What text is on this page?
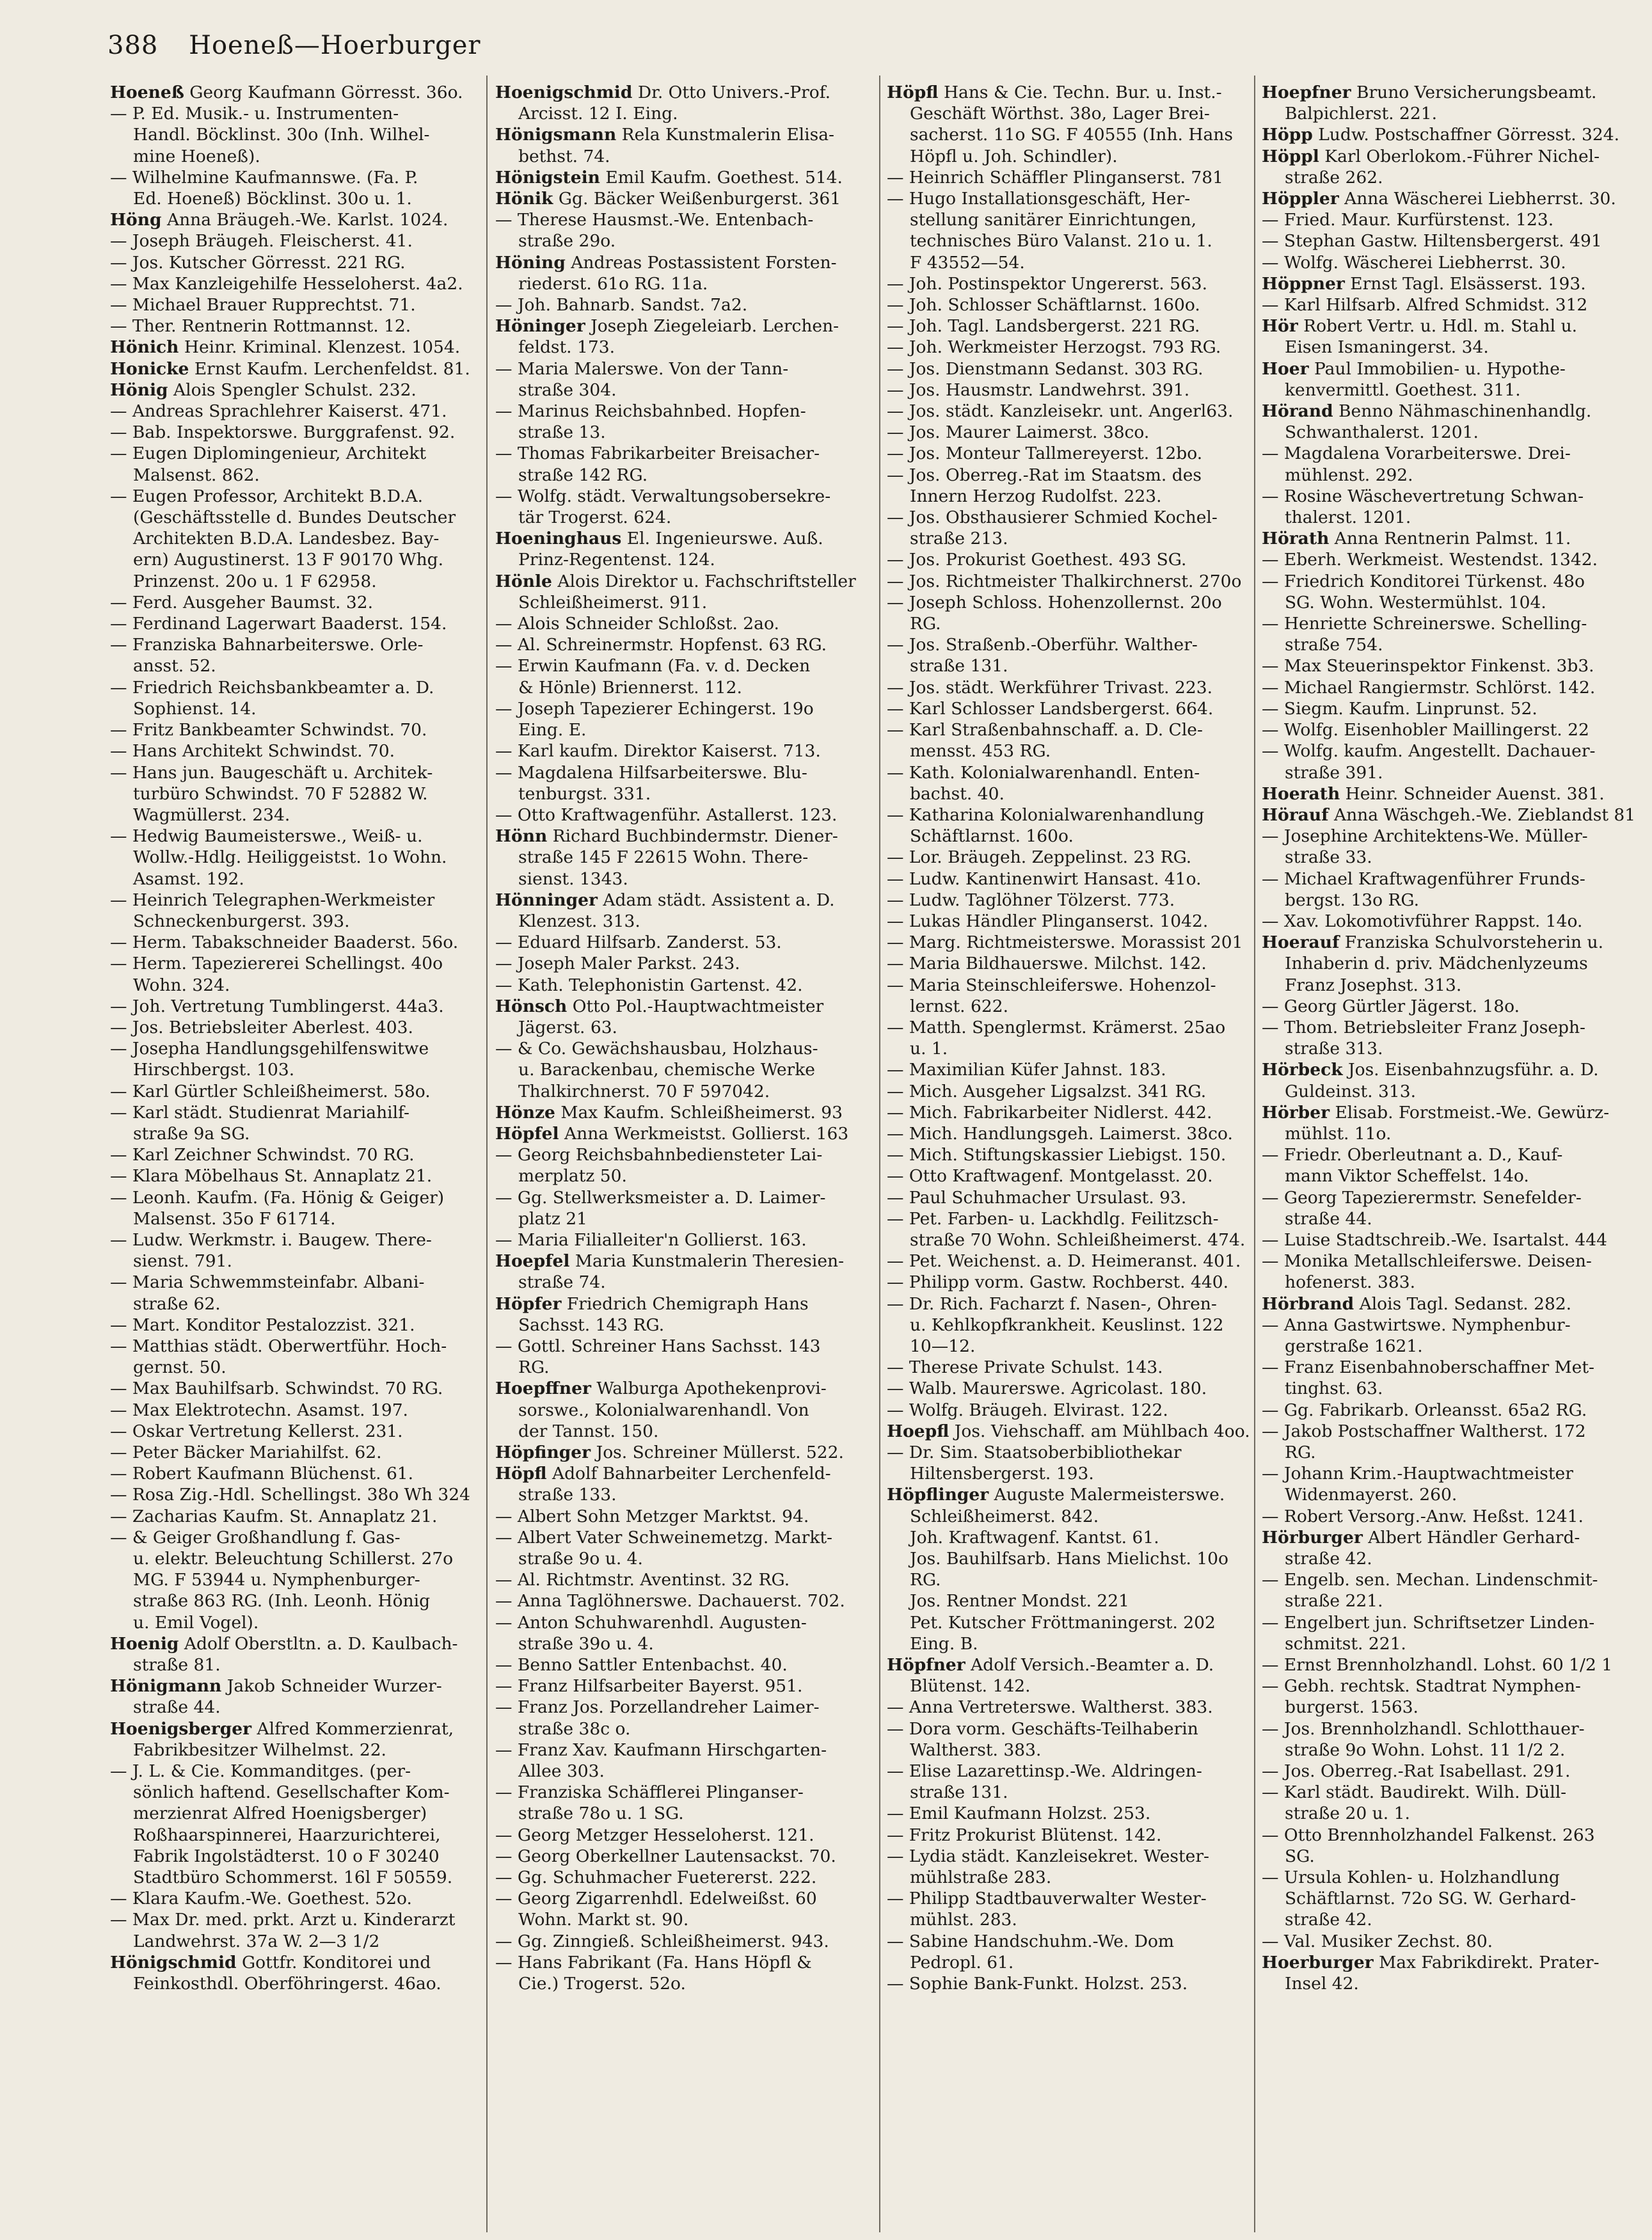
388 Hoeneß—Hoerburger
Hoeneß Georg Kaufmann Görresst. 36o.
— P. Ed. Musik.- u. Instrumenten-
Handl. Böcklinst. 30o (Inh. Wilhel-
mine Hoeneß).
— Wilhelmine Kaufmannswe. (Fa. P.
Ed. Hoeneß) Böcklinst. 30o u. 1.
Höng Anna Bräugeh.-We. Karlst. 1024.
— Joseph Bräugeh. Fleischerst. 41.
— Jos. Kutscher Görresst. 221 RG.
— Max Kanzleigehilfe Hesseloherst. 4a2.
— Michael Brauer Rupprechtst. 71.
— Ther. Rentnerin Rottmannst. 12.
Hönich Heinr. Kriminal. Klenzest. 1054.
Honicke Ernst Kaufm. Lerchenfeldst. 81.
Hönig Alois Spengler Schulst. 232.
— Andreas Sprachlehrer Kaiserst. 471.
— Bab. Inspektorswe. Burggrafenst. 92.
— Eugen Diplomingenieur, Architekt
Malsenst. 862.
— Eugen Professor, Architekt B.D.A.
(Geschäftsstelle d. Bundes Deutscher
Architekten B.D.A. Landesbez. Bay-
ern) Augustinerst. 13 F 90170 Whg.
Prinzenst. 20o u. 1 F 62958.
— Ferd. Ausgeher Baumst. 32.
— Ferdinand Lagerwart Baaderst. 154.
— Franziska Bahnarbeiterswe. Orle-
ansst. 52.
— Friedrich Reichsbankbeamter a. D.
Sophienst. 14.
— Fritz Bankbeamter Schwindst. 70.
— Hans Architekt Schwindst. 70.
— Hans jun. Baugeschäft u. Architek-
turbüro Schwindst. 70 F 52882 W.
Wagmüllerst. 234.
— Hedwig Baumeisterswe., Weiß- u.
Wollw.-Hdlg. Heiliggeistst. 1o Wohn.
Asamst. 192.
— Heinrich Telegraphen-Werkmeister
Schneckenburgerst. 393.
— Herm. Tabakschneider Baaderst. 56o.
— Herm. Tapeziererei Schellingst. 40o
Wohn. 324.
— Joh. Vertretung Tumblingerst. 44a3.
— Jos. Betriebsleiter Aberlest. 403.
— Josepha Handlungsgehilfenswitwe
Hirschbergst. 103.
— Karl Gürtler Schleißheimerst. 58o.
— Karl städt. Studienrat Mariahilf-
straße 9a SG.
— Karl Zeichner Schwindst. 70 RG.
— Klara Möbelhaus St. Annaplatz 21.
— Leonh. Kaufm. (Fa. Hönig & Geiger)
Malsenst. 35o F 61714.
— Ludw. Werkmstr. i. Baugew. There-
sienst. 791.
— Maria Schwemmsteinfabr. Albani-
straße 62.
— Mart. Konditor Pestalozzist. 321.
— Matthias städt. Oberwertführ. Hoch-
gernst. 50.
— Max Bauhilfsarb. Schwindst. 70 RG.
— Max Elektrotechn. Asamst. 197.
— Oskar Vertretung Kellerst. 231.
— Peter Bäcker Mariahilfst. 62.
— Robert Kaufmann Blüchenst. 61.
— Rosa Zig.-Hdl. Schellingst. 38o Wh 324
— Zacharias Kaufm. St. Annaplatz 21.
— & Geiger Großhandlung f. Gas-
u. elektr. Beleuchtung Schillerst. 27o
MG. F 53944 u. Nymphenburger-
straße 863 RG. (Inh. Leonh. Hönig
u. Emil Vogel).
Hoenig Adolf Oberstltn. a. D. Kaulbach-
straße 81.
Hönigmann Jakob Schneider Wurzer-
straße 44.
Hoenigsberger Alfred Kommerzienrat,
Fabrikbesitzer Wilhelmst. 22.
— J. L. & Cie. Kommanditges. (per-
sönlich haftend. Gesellschafter Kom-
merzienrat Alfred Hoenigsberger)
Roßhaarspinnerei, Haarzurichterei,
Fabrik Ingolstädterst. 10 o F 30240
Stadtbüro Schommerst. 16l F 50559.
— Klara Kaufm.-We. Goethest. 52o.
— Max Dr. med. prkt. Arzt u. Kinderarzt
Landwehrst. 37a W. 2—3 1/2
Hönigschmid Gottfr. Konditorei und
Feinkosthdl. Oberföhringerst. 46ao.
Hoenigschmid Dr. Otto Univers.-Prof.
Arcisst. 12 I. Eing.
Hönigsmann Rela Kunstmalerin Elisa-
bethst. 74.
Hönigstein Emil Kaufm. Goethest. 514.
Hönik Gg. Bäcker Weißenburgerst. 361
— Therese Hausmst.-We. Entenbach-
straße 29o.
Höning Andreas Postassistent Forsten-
riederst. 61o RG. 11a.
— Joh. Bahnarb. Sandst. 7a2.
Höninger Joseph Ziegeleiarb. Lerchen-
feldst. 173.
— Maria Malerswe. Von der Tann-
straße 304.
— Marinus Reichsbahnbed. Hopfen-
straße 13.
— Thomas Fabrikarbeiter Breisacher-
straße 142 RG.
— Wolfg. städt. Verwaltungsobersekre-
tär Trogerst. 624.
Hoeninghaus El. Ingenieurswe. Auß.
Prinz-Regentenst. 124.
Hönle Alois Direktor u. Fachschriftsteller
Schleißheimerst. 911.
— Alois Schneider Schloßst. 2ao.
— Al. Schreinermstr. Hopfenst. 63 RG.
— Erwin Kaufmann (Fa. v. d. Decken
& Hönle) Briennerst. 112.
— Joseph Tapezierer Echingerst. 19o
Eing. E.
— Karl kaufm. Direktor Kaiserst. 713.
— Magdalena Hilfsarbeiterswe. Blu-
tenburgst. 331.
— Otto Kraftwagenführ. Astallerst. 123.
Hönn Richard Buchbindermstr. Diener-
straße 145 F 22615 Wohn. There-
sienst. 1343.
Hönninger Adam städt. Assistent a. D.
Klenzest. 313.
— Eduard Hilfsarb. Zanderst. 53.
— Joseph Maler Parkst. 243.
— Kath. Telephonistin Gartenst. 42.
Hönsch Otto Pol.-Hauptwachtmeister
Jägerst. 63.
— & Co. Gewächshausbau, Holzhaus-
u. Barackenbau, chemische Werke
Thalkirchnerst. 70 F 597042.
Hönze Max Kaufm. Schleißheimerst. 93
Höpfel Anna Werkmeistst. Gollierst. 163
— Georg Reichsbahnbediensteter Lai-
merplatz 50.
— Gg. Stellwerksmeister a. D. Laimer-
platz 21
— Maria Filialleiter'n Gollierst. 163.
Hoepfel Maria Kunstmalerin Theresien-
straße 74.
Höpfer Friedrich Chemigraph Hans
Sachsst. 143 RG.
— Gottl. Schreiner Hans Sachsst. 143
RG.
Hoepffner Walburga Apothekenprovi-
sorswe., Kolonialwarenhandl. Von
der Tannst. 150.
Höpfinger Jos. Schreiner Müllerst. 522.
Höpfl Adolf Bahnarbeiter Lerchenfeld-
straße 133.
— Albert Sohn Metzger Marktst. 94.
— Albert Vater Schweinemetzg. Markt-
straße 9o u. 4.
— Al. Richtmstr. Aventinst. 32 RG.
— Anna Taglöhnerswe. Dachauerst. 702.
— Anton Schuhwarenhdl. Augusten-
straße 39o u. 4.
— Benno Sattler Entenbachst. 40.
— Franz Hilfsarbeiter Bayerst. 951.
— Franz Jos. Porzellandreher Laimer-
straße 38c o.
— Franz Xav. Kaufmann Hirschgarten-
Allee 303.
— Franziska Schäfflerei Plinganser-
straße 78o u. 1 SG.
— Georg Metzger Hesseloherst. 121.
— Georg Oberkellner Lautensackst. 70.
— Gg. Schuhmacher Fuetererst. 222.
— Georg Zigarrenhdl. Edelweißst. 60
Wohn. Markt st. 90.
— Gg. Zinngieß. Schleißheimerst. 943.
— Hans Fabrikant (Fa. Hans Höpfl &
Cie.) Trogerst. 52o.
Höpfl Hans & Cie. Techn. Bur. u. Inst.-
Geschäft Wörthst. 38o, Lager Brei-
sacherst. 11o SG. F 40555 (Inh. Hans
Höpfl u. Joh. Schindler).
— Heinrich Schäffler Plinganserst. 781
— Hugo Installationsgeschäft, Her-
stellung sanitärer Einrichtungen,
technisches Büro Valanst. 21o u. 1.
F 43552—54.
— Joh. Postinspektor Ungererst. 563.
— Joh. Schlosser Schäftlarnst. 160o.
— Joh. Tagl. Landsbergerst. 221 RG.
— Joh. Werkmeister Herzogst. 793 RG.
— Jos. Dienstmann Sedanst. 303 RG.
— Jos. Hausmstr. Landwehrst. 391.
— Jos. städt. Kanzleisekr. unt. Angerl63.
— Jos. Maurer Laimerst. 38co.
— Jos. Monteur Tallmereyerst. 12bo.
— Jos. Oberreg.-Rat im Staatsm. des
Innern Herzog Rudolfst. 223.
— Jos. Obsthausierer Schmied Kochel-
straße 213.
— Jos. Prokurist Goethest. 493 SG.
— Jos. Richtmeister Thalkirchnerst. 270o
— Joseph Schloss. Hohenzollernst. 20o
RG.
— Jos. Straßenb.-Oberführ. Walther-
straße 131.
— Jos. städt. Werkführer Trivast. 223.
— Karl Schlosser Landsbergerst. 664.
— Karl Straßenbahnschaff. a. D. Cle-
mensst. 453 RG.
— Kath. Kolonialwarenhandl. Enten-
bachst. 40.
— Katharina Kolonialwarenhandlung
Schäftlarnst. 160o.
— Lor. Bräugeh. Zeppelinst. 23 RG.
— Ludw. Kantinenwirt Hansast. 41o.
— Ludw. Taglöhner Tölzerst. 773.
— Lukas Händler Plinganserst. 1042.
— Marg. Richtmeisterswe. Morassist 201
— Maria Bildhauerswe. Milchst. 142.
— Maria Steinschleiferswe. Hohenzol-
lernst. 622.
— Matth. Spenglermst. Krämerst. 25ao
u. 1.
— Maximilian Küfer Jahnst. 183.
— Mich. Ausgeher Ligsalzst. 341 RG.
— Mich. Fabrikarbeiter Nidlerst. 442.
— Mich. Handlungsgeh. Laimerst. 38co.
— Mich. Stiftungskassier Liebigst. 150.
— Otto Kraftwagenf. Montgelasst. 20.
— Paul Schuhmacher Ursulast. 93.
— Pet. Farben- u. Lackhdlg. Feilitzsch-
straße 70 Wohn. Schleißheimerst. 474.
— Pet. Weichenst. a. D. Heimeranst. 401.
— Philipp vorm. Gastw. Rochberst. 440.
— Dr. Rich. Facharzt f. Nasen-, Ohren-
u. Kehlkopfkrankheit. Keuslinst. 122
10—12.
— Therese Private Schulst. 143.
— Walb. Maurerswe. Agricolast. 180.
— Wolfg. Bräugeh. Elvirast. 122.
Hoepfl Jos. Viehschaff. am Mühlbach 4oo.
— Dr. Sim. Staatsoberbibliothekar
Hiltensbergerst. 193.
Höpflinger Auguste Malermeisterswe.
Schleißheimerst. 842.
Joh. Kraftwagenf. Kantst. 61.
Jos. Bauhilfsarb. Hans Mielichst. 10o
RG.
Jos. Rentner Mondst. 221
Pet. Kutscher Fröttmaningerst. 202
Eing. B.
Höpfner Adolf Versich.-Beamter a. D.
Blütenst. 142.
— Anna Vertreterswe. Waltherst. 383.
— Dora vorm. Geschäfts-Teilhaberin
Waltherst. 383.
— Elise Lazarettinsp.-We. Aldringen-
straße 131.
— Emil Kaufmann Holzst. 253.
— Fritz Prokurist Blütenst. 142.
— Lydia städt. Kanzleisekret. Wester-
mühlstraße 283.
— Philipp Stadtbauverwalter Wester-
mühlst. 283.
— Sabine Handschuhm.-We. Dom
Pedropl. 61.
— Sophie Bank-Funkt. Holzst. 253.
Hoepfner Bruno Versicherungsbeamt.
Balpichlerst. 221.
Höpp Ludw. Postschaffner Görresst. 324.
Höppl Karl Oberlokom.-Führer Nichel-
straße 262.
Höppler Anna Wäscherei Liebherrst. 30.
— Fried. Maur. Kurfürstenst. 123.
— Stephan Gastw. Hiltensbergerst. 491
— Wolfg. Wäscherei Liebherrst. 30.
Höppner Ernst Tagl. Elsässerst. 193.
— Karl Hilfsarb. Alfred Schmidst. 312
Hör Robert Vertr. u. Hdl. m. Stahl u.
Eisen Ismaningerst. 34.
Hoer Paul Immobilien- u. Hypothe-
kenvermittl. Goethest. 311.
Hörand Benno Nähmaschinenhandlg.
Schwanthalerst. 1201.
— Magdalena Vorarbeiterswe. Drei-
mühlenst. 292.
— Rosine Wäschevertretung Schwan-
thalerst. 1201.
Hörath Anna Rentnerin Palmst. 11.
— Eberh. Werkmeist. Westendst. 1342.
— Friedrich Konditorei Türkenst. 48o
SG. Wohn. Westermühlst. 104.
— Henriette Schreinerswe. Schelling-
straße 754.
— Max Steuerinspektor Finkenst. 3b3.
— Michael Rangiermstr. Schlörst. 142.
— Siegm. Kaufm. Linprunst. 52.
— Wolfg. Eisenhobler Maillingerst. 22
— Wolfg. kaufm. Angestellt. Dachauer-
straße 391.
Hoerath Heinr. Schneider Auenst. 381.
Hörauf Anna Wäschgeh.-We. Zieblandst 81
— Josephine Architektens-We. Müller-
straße 33.
— Michael Kraftwagenführer Frunds-
bergst. 13o RG.
— Xav. Lokomotivführer Rappst. 14o.
Hoerauf Franziska Schulvorsteherin u.
Inhaberin d. priv. Mädchenlyzeums
Franz Josephst. 313.
— Georg Gürtler Jägerst. 18o.
— Thom. Betriebsleiter Franz Joseph-
straße 313.
Hörbeck Jos. Eisenbahnzugsführ. a. D.
Guldeinst. 313.
Hörber Elisab. Forstmeist.-We. Gewürz-
mühlst. 11o.
— Friedr. Oberleutnant a. D., Kauf-
mann Viktor Scheffelst. 14o.
— Georg Tapezierermstr. Senefelder-
straße 44.
— Luise Stadtschreib.-We. Isartalst. 444
— Monika Metallschleiferswe. Deisen-
hofenerst. 383.
Hörbrand Alois Tagl. Sedanst. 282.
— Anna Gastwirtswe. Nymphenbur-
gerstraße 1621.
— Franz Eisenbahnoberschaffner Met-
tinghst. 63.
— Gg. Fabrikarb. Orleansst. 65a2 RG.
— Jakob Postschaffner Waltherst. 172
RG.
— Johann Krim.-Hauptwachtmeister
Widenmayerst. 260.
— Robert Versorg.-Anw. Heßst. 1241.
Hörburger Albert Händler Gerhard-
straße 42.
— Engelb. sen. Mechan. Lindenschmit-
straße 221.
— Engelbert jun. Schriftsetzer Linden-
schmitst. 221.
— Ernst Brennholzhandl. Lohst. 60 1/2 1
— Gebh. rechtsk. Stadtrat Nymphen-
burgerst. 1563.
— Jos. Brennholzhandl. Schlotthauer-
straße 9o Wohn. Lohst. 11 1/2 2.
— Jos. Oberreg.-Rat Isabellast. 291.
— Karl städt. Baudirekt. Wilh. Düll-
straße 20 u. 1.
— Otto Brennholzhandel Falkenst. 263
SG.
— Ursula Kohlen- u. Holzhandlung
Schäftlarnst. 72o SG. W. Gerhard-
straße 42.
— Val. Musiker Zechst. 80.
Hoerburger Max Fabrikdirekt. Prater-
Insel 42.
